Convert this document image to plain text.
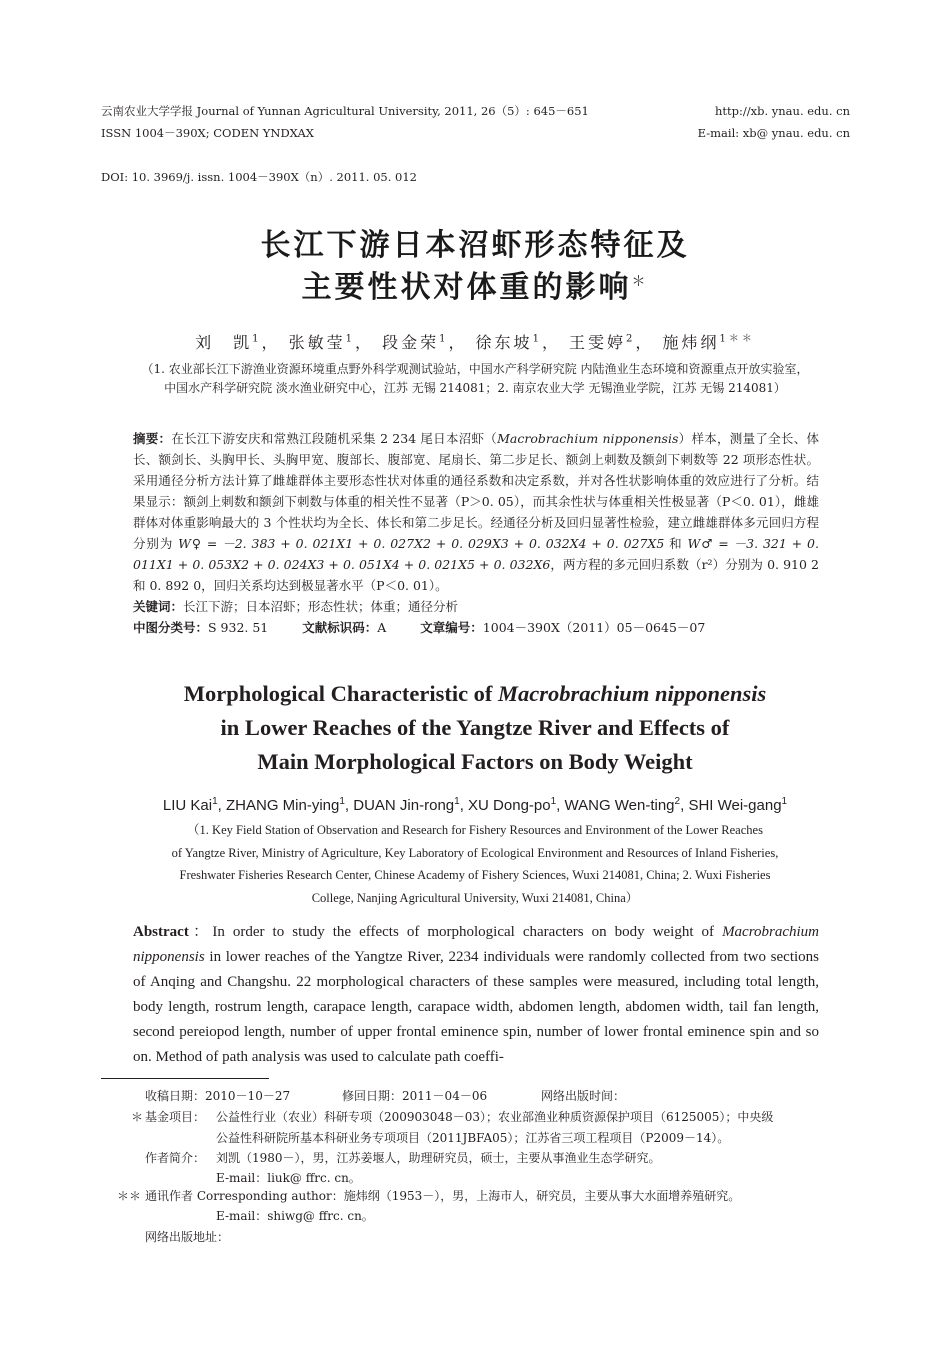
云南农业大学学报 Journal of Yunnan Agricultural University, 2011, 26（5）: 645－651
ISSN 1004－390X; CODEN YNDXAX
http://xb. ynau. edu. cn
E-mail: xb@ ynau. edu. cn
DOI: 10. 3969/j. issn. 1004－390X（n）. 2011. 05. 012
长江下游日本沼虾形态特征及
主要性状对体重的影响＊
刘　凯$^1$， 张敏莹$^1$， 段金荣$^1$， 徐东坡$^1$， 王雯婷$^2$， 施炜纲$^{1**}$
（1. 农业部长江下游渔业资源环境重点野外科学观测试验站，中国水产科学研究院 内陆渔业生态环境和资源重点开放实验室，
中国水产科学研究院 淡水渔业研究中心，江苏 无锡 214081；2. 南京农业大学 无锡渔业学院，江苏 无锡 214081）
摘要：在长江下游安庆和常熟江段随机采集 2 234 尾日本沼虾（Macrobrachium nipponensis）样本，测量了全长、体长、额剑长、头胸甲长、头胸甲宽、腹部长、腹部宽、尾扇长、第二步足长、额剑上刺数及额剑下刺数等 22 项形态性状。采用通径分析方法计算了雌雄群体主要形态性状对体重的通径系数和决定系数，并对各性状影响体重的效应进行了分析。结果显示：额剑上刺数和额剑下刺数与体重的相关性不显著（P＞0. 05），而其余性状与体重相关性极显著（P＜0. 01），雌雄群体对体重影响最大的 3 个性状均为全长、体长和第二步足长。经通径分析及回归显著性检验，建立雌雄群体多元回归方程分别为 W♀ = －2. 383 + 0. 021X1 + 0. 027X2 + 0. 029X3 + 0. 032X4 + 0. 027X5 和 W♂ = －3. 321 + 0. 011X1 + 0. 053X2 + 0. 024X3 + 0. 051X4 + 0. 021X5 + 0. 032X6，两方程的多元回归系数（r²）分别为 0. 910 2 和 0. 892 0，回归关系均达到极显著水平（P＜0. 01）。
关键词：长江下游；日本沼虾；形态性状；体重；通径分析
中图分类号：S 932. 51	文献标识码：A	文章编号：1004－390X（2011）05－0645－07
Morphological Characteristic of Macrobrachium nipponensis
in Lower Reaches of the Yangtze River and Effects of
Main Morphological Factors on Body Weight
LIU Kai$^1$, ZHANG Min-ying$^1$, DUAN Jin-rong$^1$, XU Dong-$po^1$, WANG Wen-ting$^2$, SHI Wei-gang$^1$
（1. Key Field Station of Observation and Research for Fishery Resources and Environment of the Lower Reaches
of Yangtze River, Ministry of Agriculture, Key Laboratory of Ecological Environment and Resources of Inland Fisheries,
Freshwater Fisheries Research Center, Chinese Academy of Fishery Sciences, Wuxi 214081, China; 2. Wuxi Fisheries
College, Nanjing Agricultural University, Wuxi 214081, China）
Abstract：In order to study the effects of morphological characters on body weight of Macrobrachium nipponensis in lower reaches of the Yangtze River, 2234 individuals were randomly collected from two sections of Anqing and Changshu. 22 morphological characters of these samples were measured, including total length, body length, rostrum length, carapace length, carapace width, abdomen length, abdomen width, tail fan length, second pereiopod length, number of upper frontal eminence spin, number of lower frontal eminence spin and so on. Method of path analysis was used to calculate path coeffi-
收稿日期：2010－10－27	修回日期：2011－04－06	网络出版时间：
＊ 基金项目： 公益性行业（农业）科研专项（200903048－03）；农业部渔业种质资源保护项目（6125005）；中央级
公益性科研院所基本科研业务专项项目（2011JBFA05）；江苏省三项工程项目（P2009－14）。
作者简介： 刘凯（1980－），男，江苏姜堰人，助理研究员，硕士，主要从事渔业生态学研究。
E-mail：liuk@ ffrc. cn。
＊＊ 通讯作者 Corresponding author：施炜纲（1953－），男，上海市人，研究员，主要从事大水面增养殖研究。
E-mail：shiwg@ ffrc. cn。
网络出版地址：
